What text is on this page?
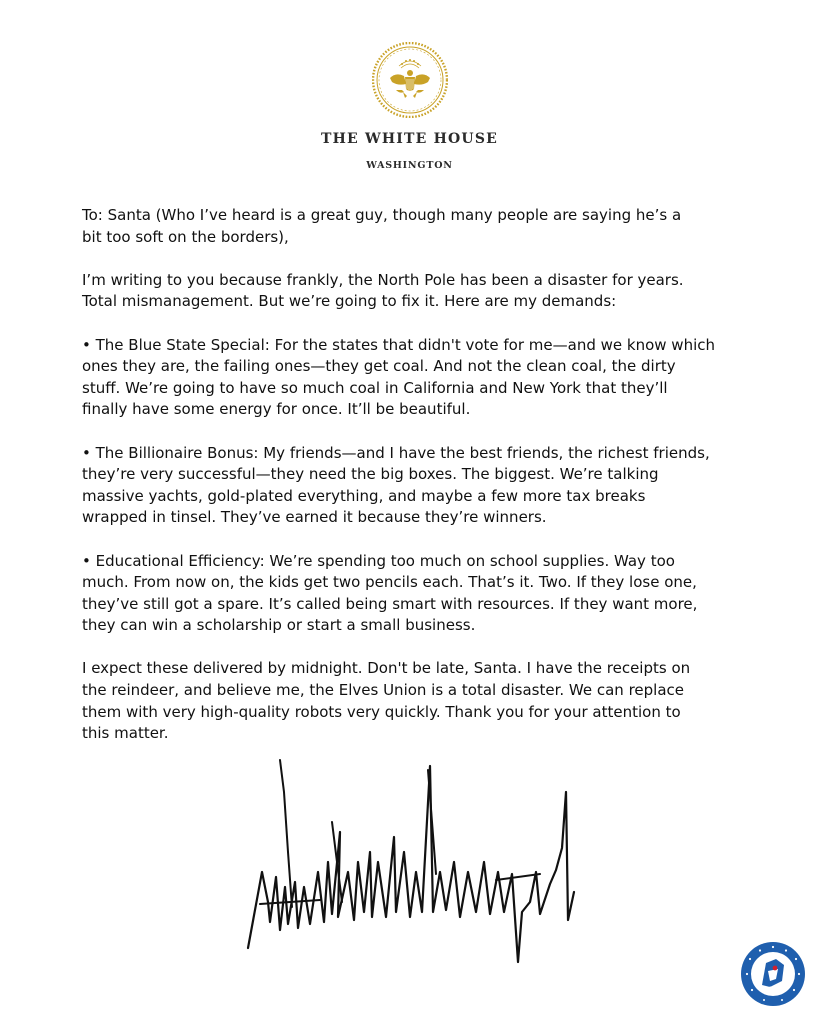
THE WHITE HOUSE
WASHINGTON

To: Santa (Who I’ve heard is a great guy, though many people are saying he’s a
bit too soft on the borders),

I’m writing to you because frankly, the North Pole has been a disaster for years.
Total mismanagement. But we’re going to fix it. Here are my demands:

• The Blue State Special: For the states that didn't vote for me—and we know which
ones they are, the failing ones—they get coal. And not the clean coal, the dirty
stuff. We’re going to have so much coal in California and New York that they’ll
finally have some energy for once. It’ll be beautiful.

• The Billionaire Bonus: My friends—and I have the best friends, the richest friends,
they’re very successful—they need the big boxes. The biggest. We’re talking
massive yachts, gold-plated everything, and maybe a few more tax breaks
wrapped in tinsel. They’ve earned it because they’re winners.

• Educational Efficiency: We’re spending too much on school supplies. Way too
much. From now on, the kids get two pencils each. That’s it. Two. If they lose one,
they’ve still got a spare. It’s called being smart with resources. If they want more,
they can win a scholarship or start a small business.

I expect these delivered by midnight. Don't be late, Santa. I have the receipts on
the reindeer, and believe me, the Elves Union is a total disaster. We can replace
them with very high-quality robots very quickly. Thank you for your attention to
this matter.

CCDC
